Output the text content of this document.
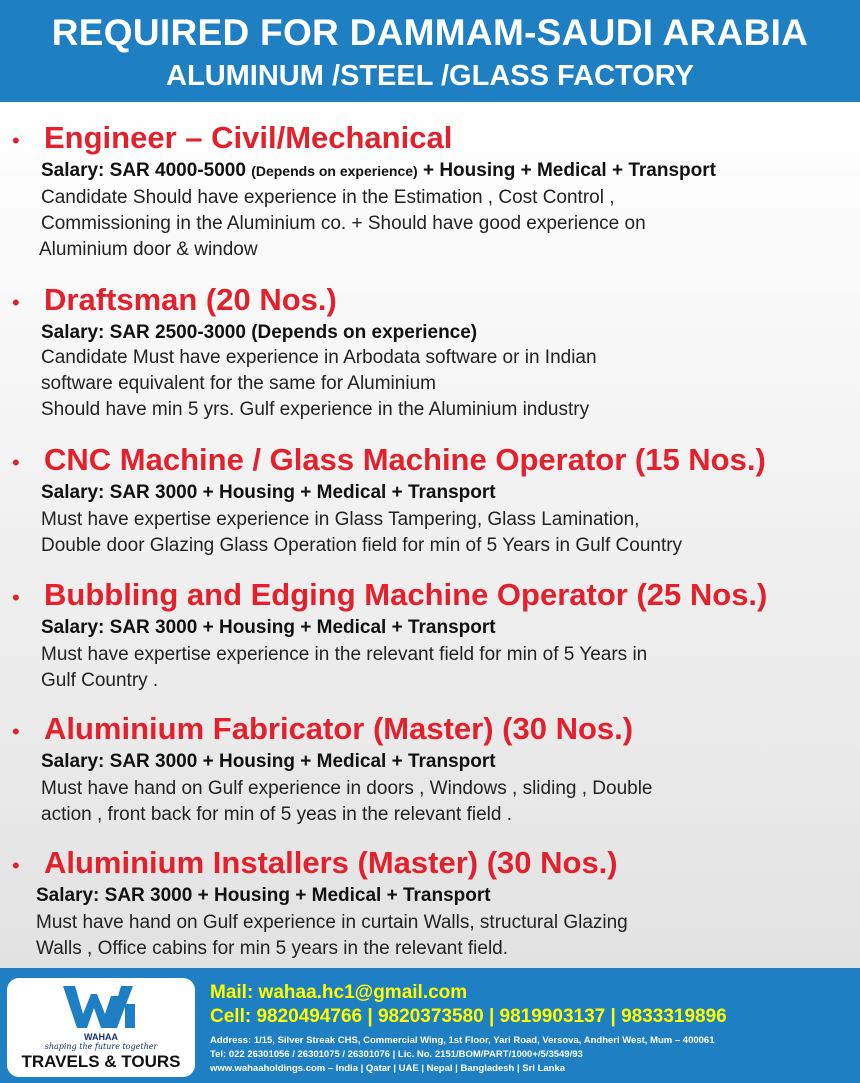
REQUIRED FOR DAMMAM-SAUDI ARABIA
ALUMINUM /STEEL /GLASS FACTORY
• Engineer – Civil/Mechanical
Salary: SAR 4000-5000 (Depends on experience) + Housing + Medical + Transport
Candidate Should have experience in the Estimation , Cost Control ,
Commissioning in the Aluminium co. + Should have good experience on
Aluminium door & window
• Draftsman (20 Nos.)
Salary: SAR 2500-3000 (Depends on experience)
Candidate Must have experience in Arbodata software or in Indian
software equivalent for the same for Aluminium
Should have min 5 yrs. Gulf experience in the Aluminium industry
• CNC Machine / Glass Machine Operator (15 Nos.)
Salary: SAR 3000 + Housing + Medical + Transport
Must have expertise experience in Glass Tampering, Glass Lamination,
Double door Glazing Glass Operation field for min of 5 Years in Gulf Country
• Bubbling and Edging Machine Operator (25 Nos.)
Salary: SAR 3000 + Housing + Medical + Transport
Must have expertise experience in the relevant field for min of 5 Years in
Gulf Country .
• Aluminium Fabricator (Master) (30 Nos.)
Salary: SAR 3000 + Housing + Medical + Transport
Must have hand on Gulf experience in doors , Windows , sliding , Double
action , front back for min of 5 yeas in the relevant field .
• Aluminium Installers (Master) (30 Nos.)
Salary: SAR 3000 + Housing + Medical + Transport
Must have hand on Gulf experience in curtain Walls, structural Glazing
Walls , Office cabins for min 5 years in the relevant field.
WAHAA
shaping the future together
TRAVELS & TOURS
Mail: wahaa.hc1@gmail.com
Cell: 9820494766 | 9820373580 | 9819903137 | 9833319896
Address: 1/15, Silver Streak CHS, Commercial Wing, 1st Floor, Yari Road, Versova, Andheri West, Mum – 400061
Tel: 022 26301056 / 26301075 / 26301076 | Lic. No. 2151/BOM/PART/1000+/5/3549/93
www.wahaaholdings.com – India | Qatar | UAE | Nepal | Bangladesh | Sri Lanka
